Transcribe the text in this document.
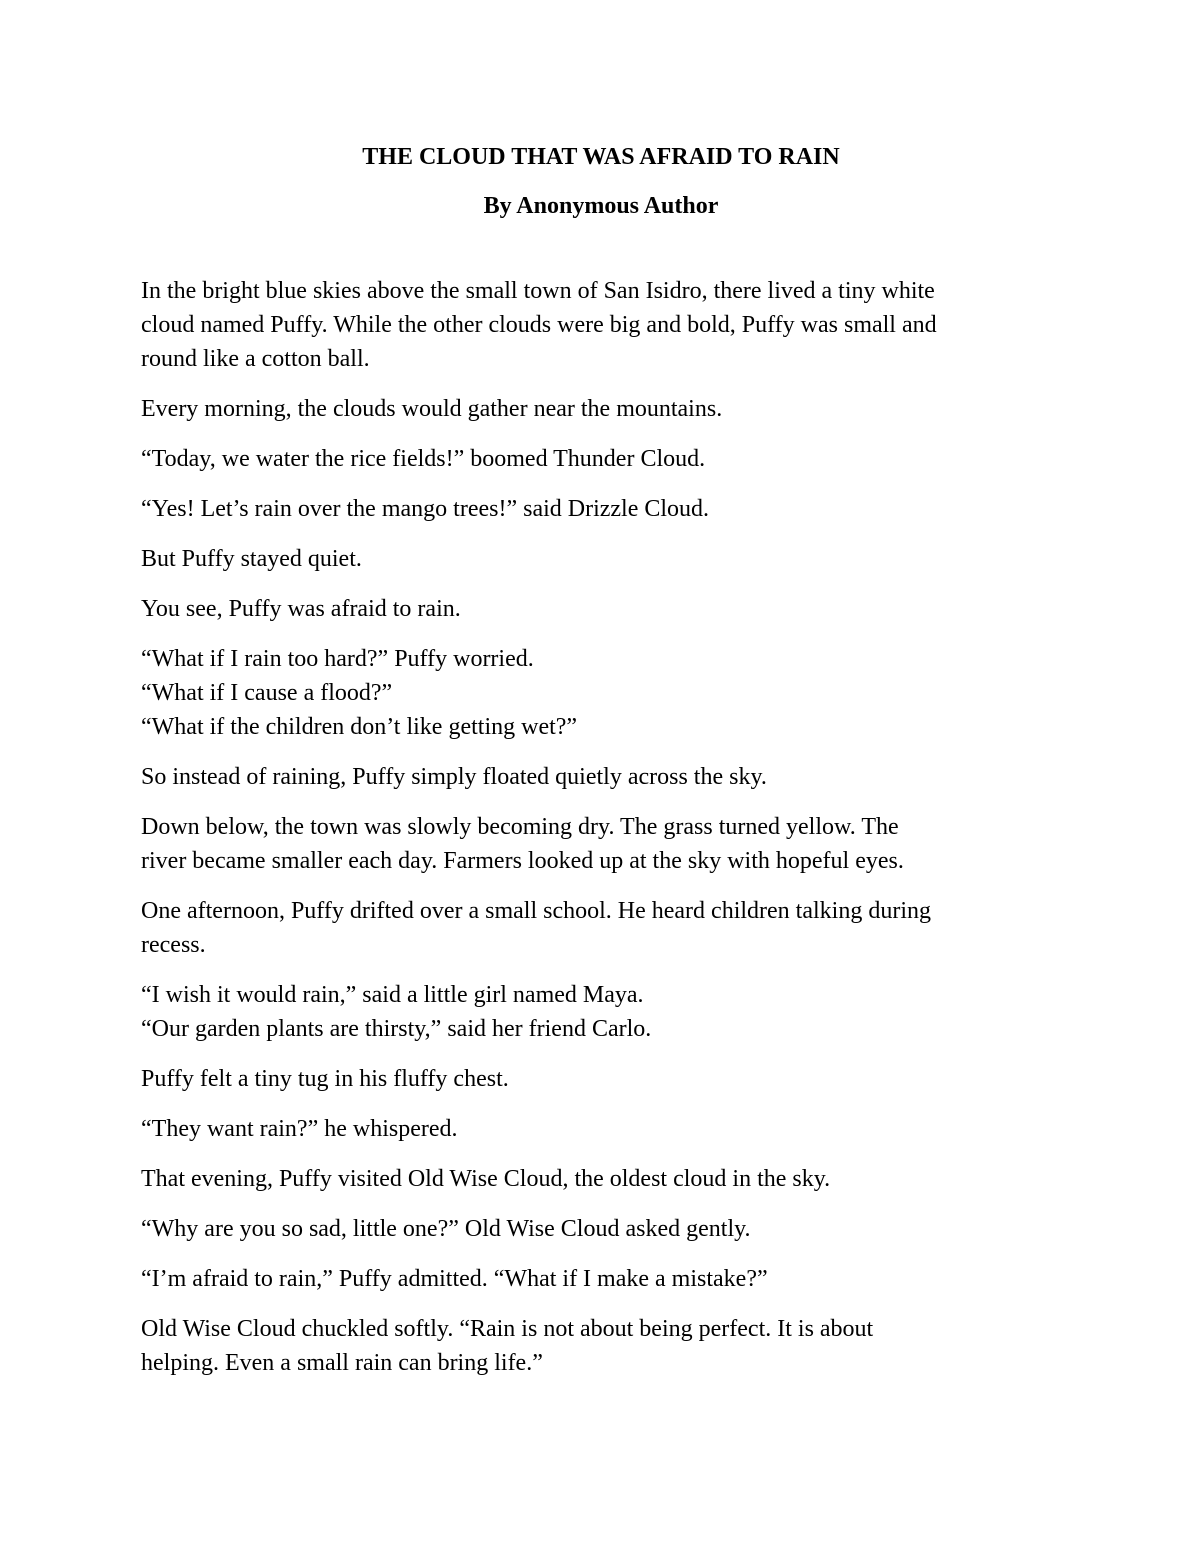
THE CLOUD THAT WAS AFRAID TO RAIN

By Anonymous Author

In the bright blue skies above the small town of San Isidro, there lived a tiny white
cloud named Puffy. While the other clouds were big and bold, Puffy was small and
round like a cotton ball.

Every morning, the clouds would gather near the mountains.

“Today, we water the rice fields!” boomed Thunder Cloud.

“Yes! Let’s rain over the mango trees!” said Drizzle Cloud.

But Puffy stayed quiet.

You see, Puffy was afraid to rain.

“What if I rain too hard?” Puffy worried.
“What if I cause a flood?”
“What if the children don’t like getting wet?”

So instead of raining, Puffy simply floated quietly across the sky.

Down below, the town was slowly becoming dry. The grass turned yellow. The
river became smaller each day. Farmers looked up at the sky with hopeful eyes.

One afternoon, Puffy drifted over a small school. He heard children talking during
recess.

“I wish it would rain,” said a little girl named Maya.
“Our garden plants are thirsty,” said her friend Carlo.

Puffy felt a tiny tug in his fluffy chest.

“They want rain?” he whispered.

That evening, Puffy visited Old Wise Cloud, the oldest cloud in the sky.

“Why are you so sad, little one?” Old Wise Cloud asked gently.

“I’m afraid to rain,” Puffy admitted. “What if I make a mistake?”

Old Wise Cloud chuckled softly. “Rain is not about being perfect. It is about
helping. Even a small rain can bring life.”
